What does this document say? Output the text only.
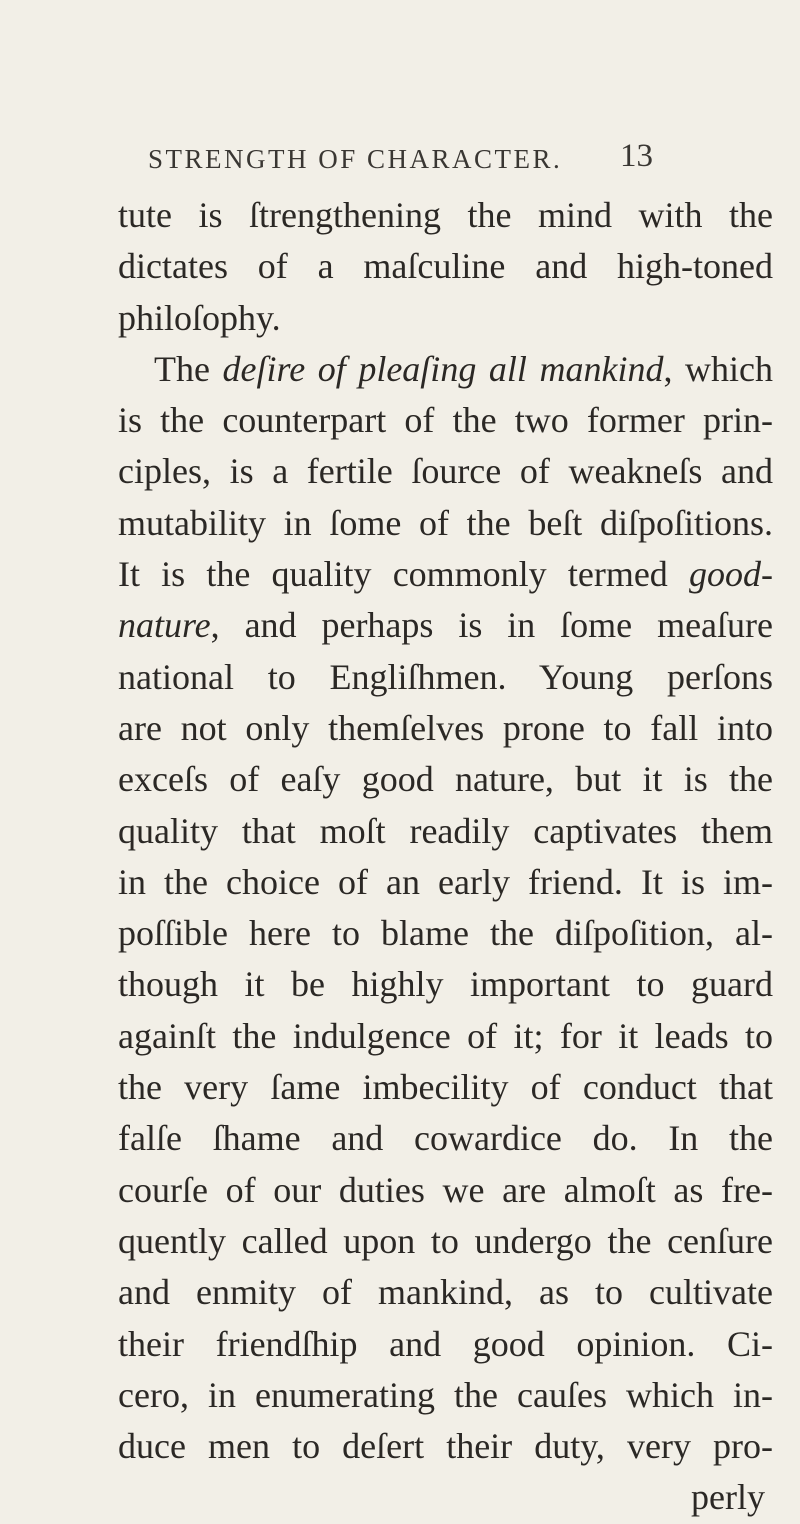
STRENGTH OF CHARACTER. 13
tute is ſtrengthening the mind with the
dictates of a maſculine and high-toned
philoſophy.
The deſire of pleaſing all mankind, which
is the counterpart of the two former prin-
ciples, is a fertile ſource of weakneſs and
mutability in ſome of the beſt diſpoſitions.
It is the quality commonly termed good-
nature, and perhaps is in ſome meaſure
national to Engliſhmen. Young perſons
are not only themſelves prone to fall into
exceſs of eaſy good nature, but it is the
quality that moſt readily captivates them
in the choice of an early friend. It is im-
poſſible here to blame the diſpoſition, al-
though it be highly important to guard
againſt the indulgence of it; for it leads to
the very ſame imbecility of conduct that
falſe ſhame and cowardice do. In the
courſe of our duties we are almoſt as fre-
quently called upon to undergo the cenſure
and enmity of mankind, as to cultivate
their friendſhip and good opinion. Ci-
cero, in enumerating the cauſes which in-
duce men to deſert their duty, very pro-
perly
